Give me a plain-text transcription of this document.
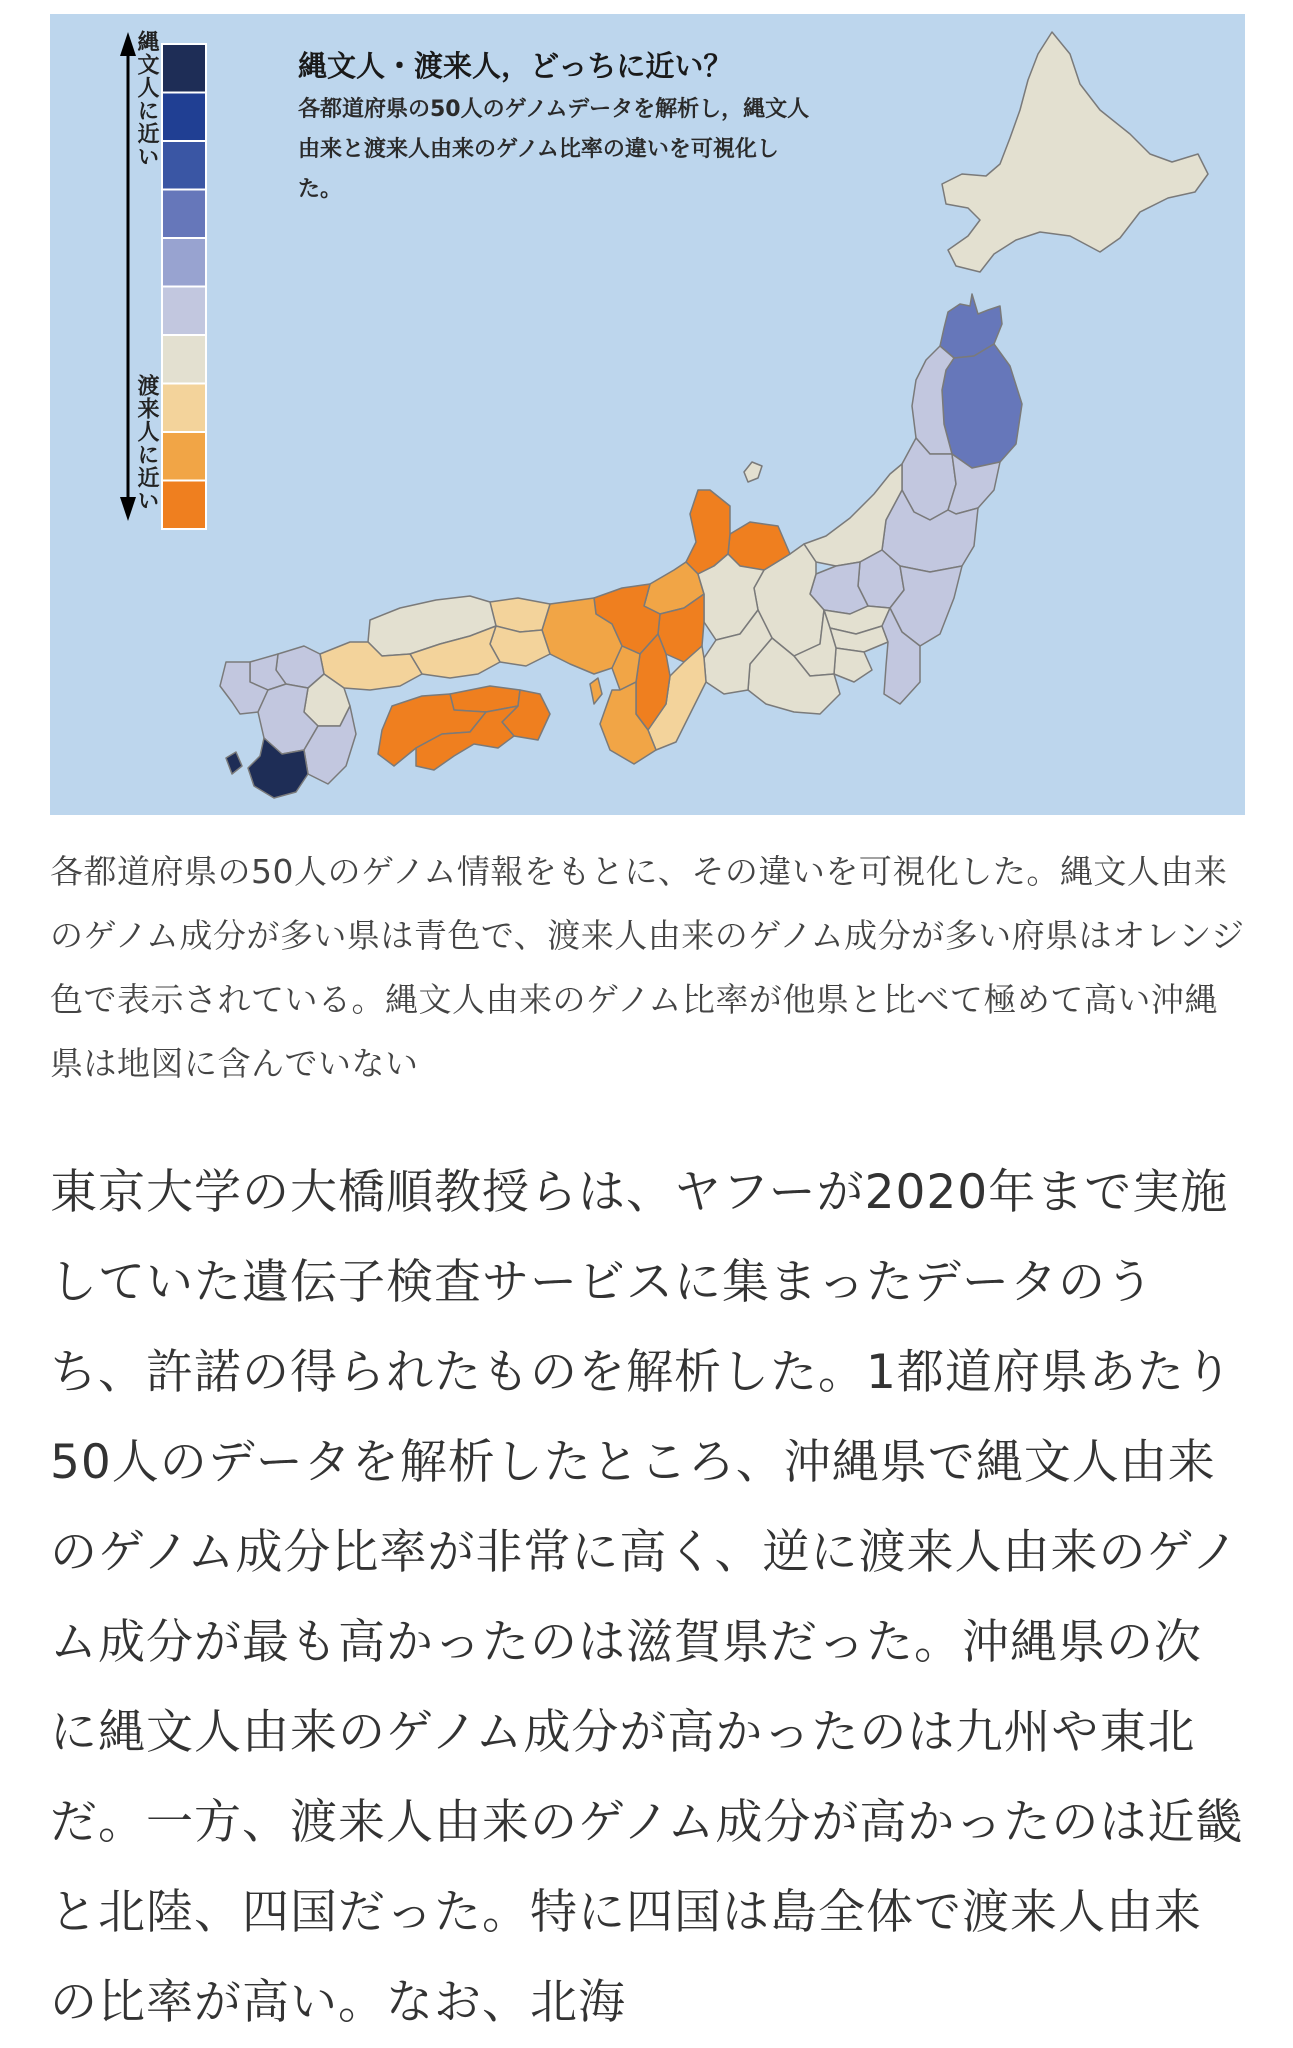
縄文人に近い
渡来人に近い
縄文人・渡来人，どっちに近い？
各都道府県の50人のゲノムデータを解析し，縄文人由来と渡来人由来のゲノム比率の違いを可視化した。
各都道府県の50人のゲノム情報をもとに、その違いを可視化した。縄文人由来のゲノム成分が多い県は青色で、渡来人由来のゲノム成分が多い府県はオレンジ色で表示されている。縄文人由来のゲノム比率が他県と比べて極めて高い沖縄県は地図に含んでいない
東京大学の大橋順教授らは、ヤフーが2020年まで実施していた遺伝子検査サービスに集まったデータのうち、許諾の得られたものを解析した。1都道府県あたり50人のデータを解析したところ、沖縄県で縄文人由来のゲノム成分比率が非常に高く、逆に渡来人由来のゲノム成分が最も高かったのは滋賀県だった。沖縄県の次に縄文人由来のゲノム成分が高かったのは九州や東北だ。一方、渡来人由来のゲノム成分が高かったのは近畿と北陸、四国だった。特に四国は島全体で渡来人由来の比率が高い。なお、北海
